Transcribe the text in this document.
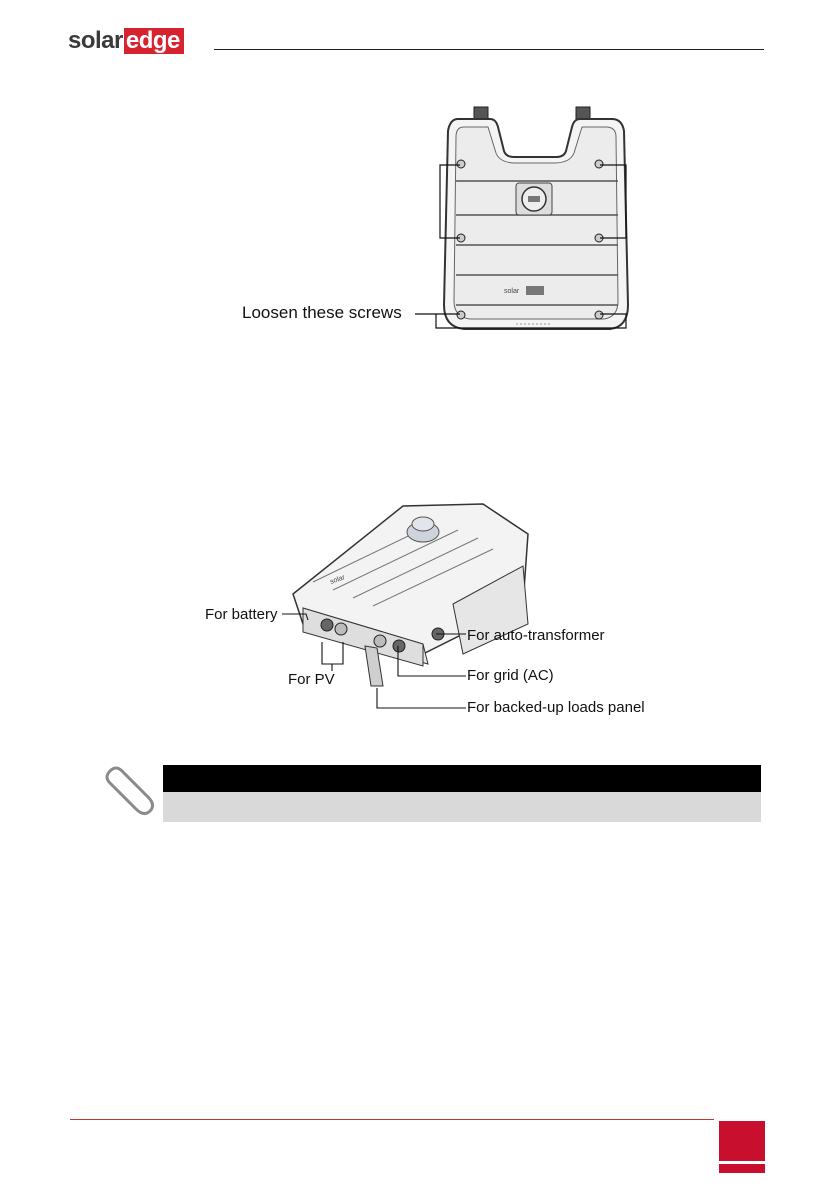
solar edge
solar
Loosen these screws
solar
For battery
For auto-transformer
For PV	For grid (AC)
For backed-up loads panel
